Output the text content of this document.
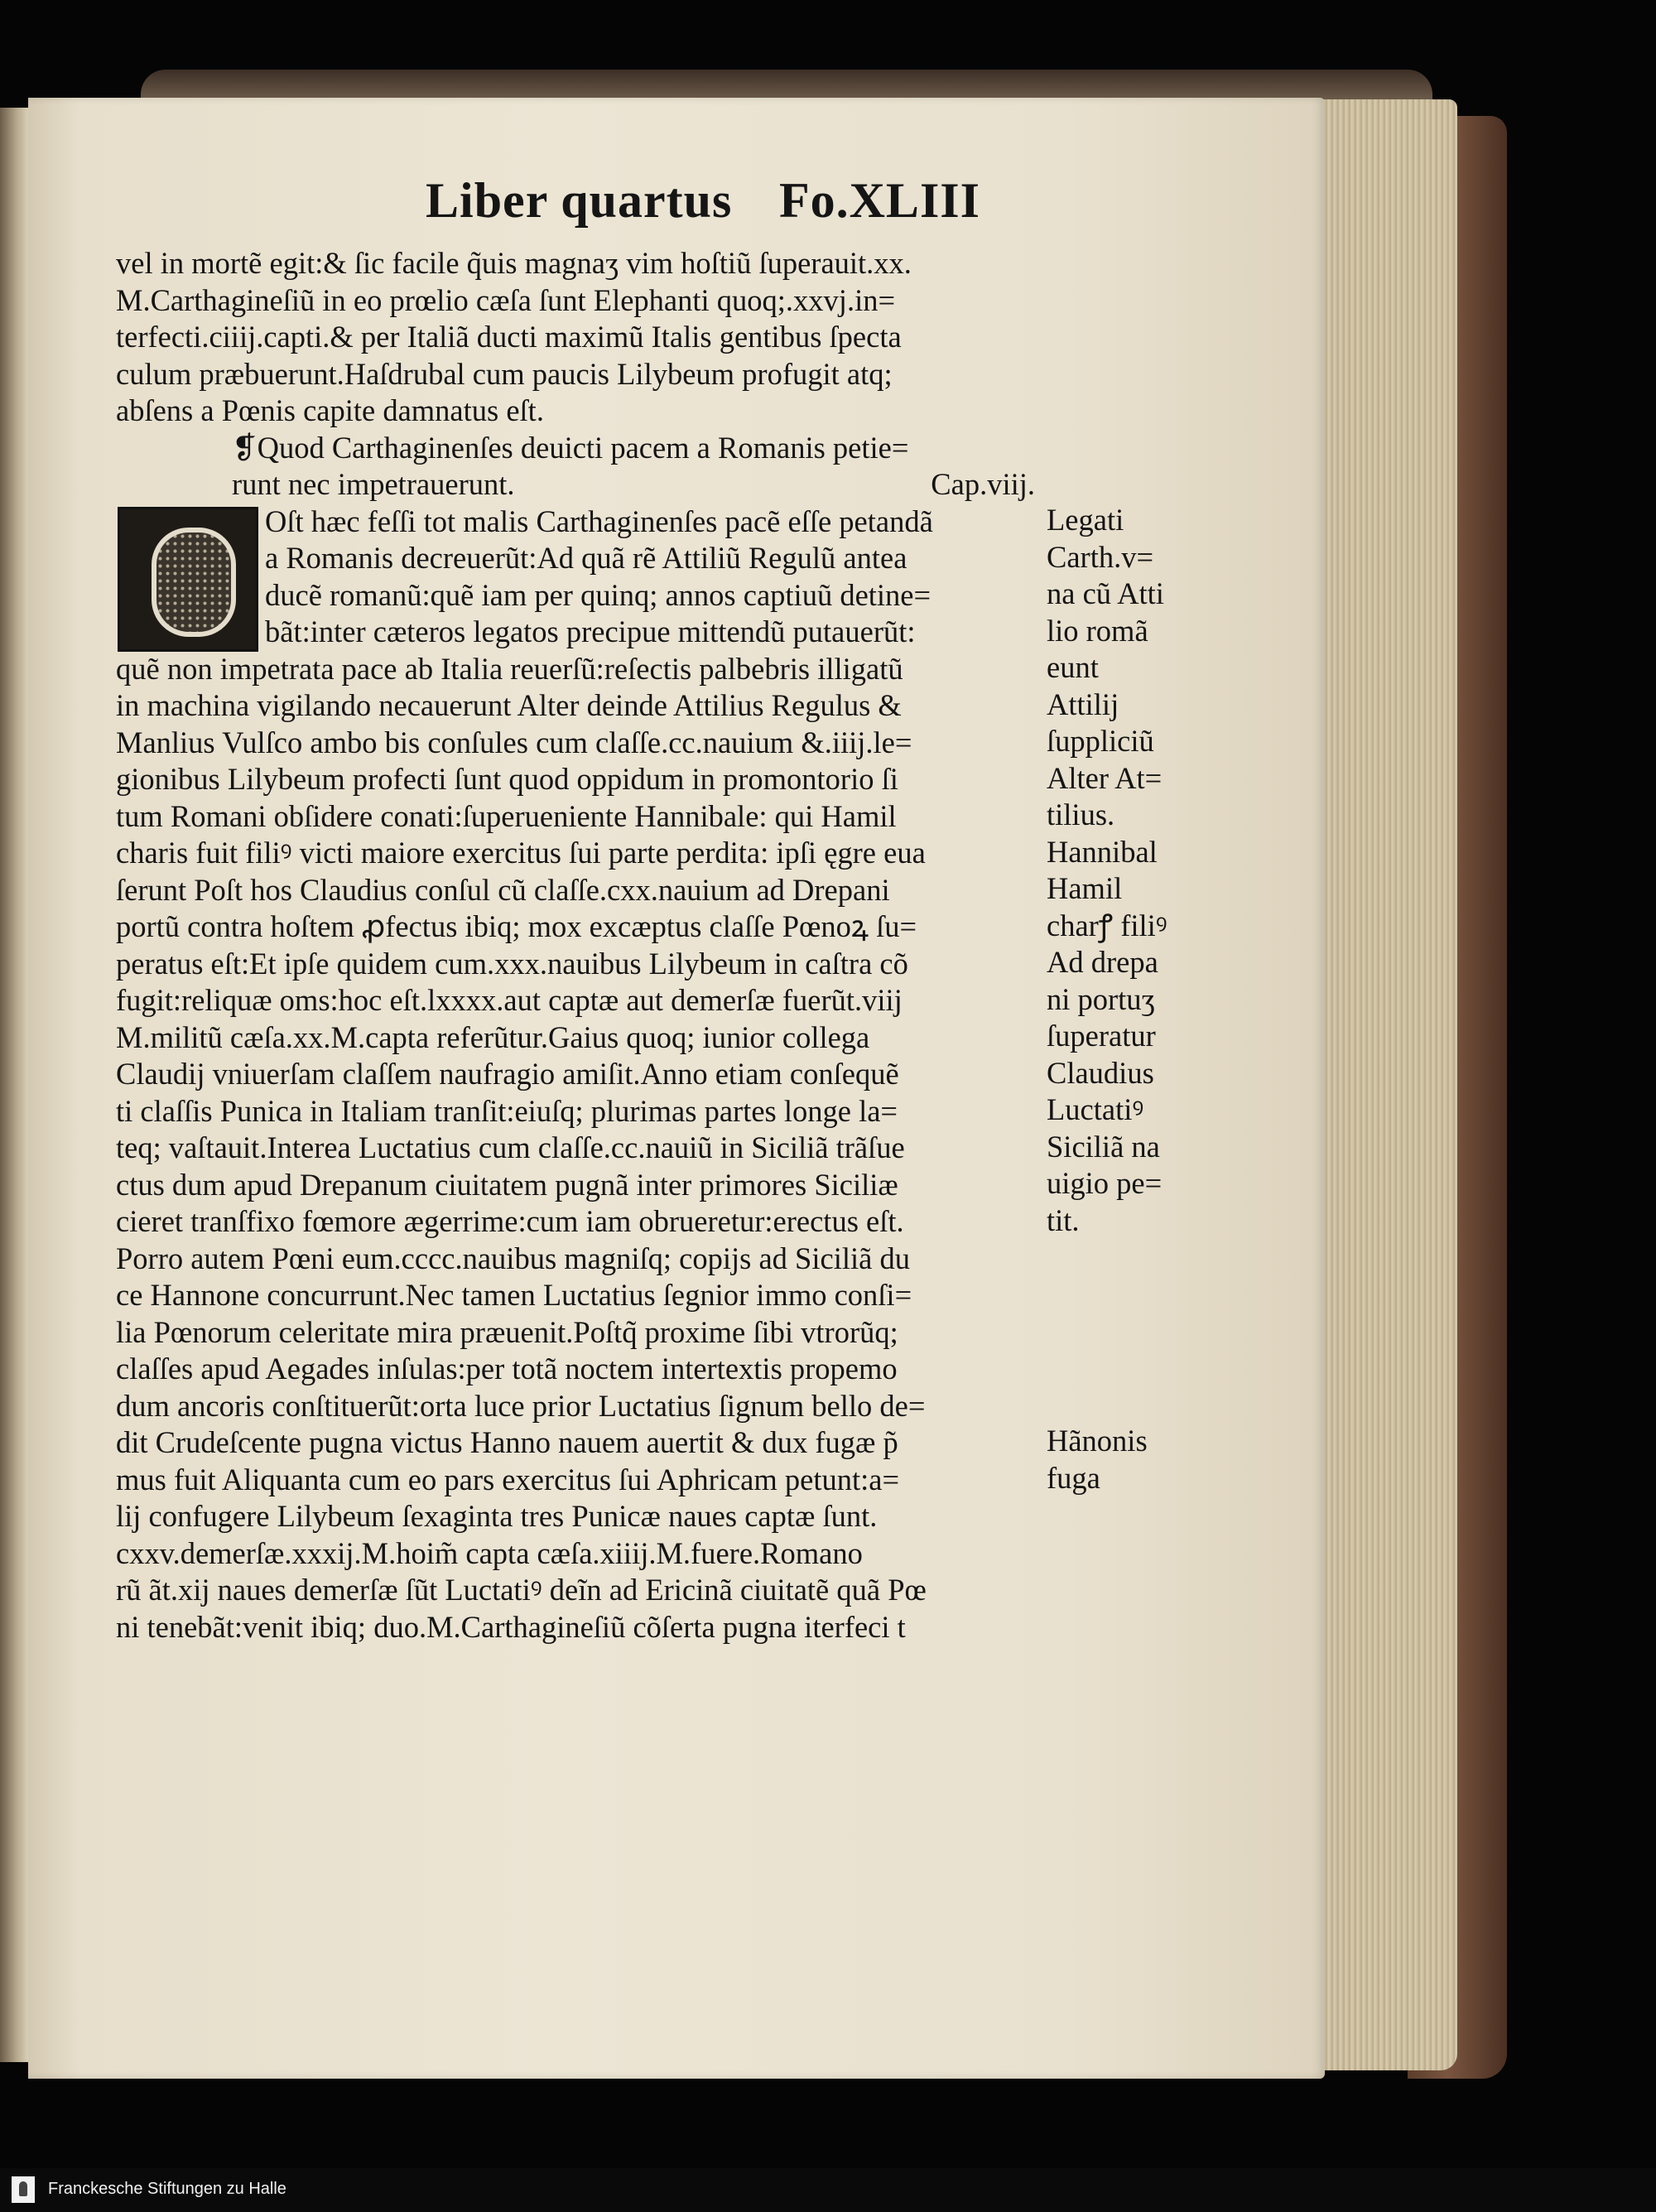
Liber quartus Fo.XLIII
vel in mortẽ egit:& ſic facile q̃uis magnaʒ vim hoſtiũ ſuperauit.xx.
M.Carthagineſiũ in eo prœlio cæſa ſunt Elephanti quoq;.xxvj.in=
terfecti.ciiij.capti.& per Italiã ducti maximũ Italis gentibus ſpecta
culum præbuerunt.Haſdrubal cum paucis Lilybeum profugit atq;
abſens a Pœnis capite damnatus eſt.
❡Quod Carthaginenſes deuicti pacem a Romanis petie=
Cap.viij.
runt nec impetrauerunt.
Oſt hæc feſſi tot malis Carthaginenſes pacẽ eſſe petandã
a Romanis decreuerũt:Ad quã rẽ Attiliũ Regulũ antea
ducẽ romanũ:quẽ iam per quinq; annos captiuũ detine=
bãt:inter cæteros legatos precipue mittendũ putauerũt:
quẽ non impetrata pace ab Italia reuerſũ:reſectis palbebris illigatũ
in machina vigilando necauerunt Alter deinde Attilius Regulus &
Manlius Vulſco ambo bis conſules cum claſſe.cc.nauium &.iiij.le=
gionibus Lilybeum profecti ſunt quod oppidum in promontorio ſi
tum Romani obſidere conati:ſuperueniente Hannibale: qui Hamil
charis fuit filiꝰ victi maiore exercitus ſui parte perdita: ipſi ęgre eua
ſerunt Poſt hos Claudius conſul cũ claſſe.cxx.nauium ad Drepani
portũ contra hoſtem ꝓfectus ibiq; mox excæptus claſſe Pœnoꝝ ſu=
peratus eſt:Et ipſe quidem cum.xxx.nauibus Lilybeum in caſtra cõ
fugit:reliquæ oms:hoc eſt.lxxxx.aut captæ aut demerſæ fuerũt.viij
M.militũ cæſa.xx.M.capta referũtur.Gaius quoq; iunior collega
Claudij vniuerſam claſſem naufragio amiſit.Anno etiam conſequẽ
ti claſſis Punica in Italiam tranſit:eiuſq; plurimas partes longe la=
teq; vaſtauit.Interea Luctatius cum claſſe.cc.nauiũ in Siciliã trãſue
ctus dum apud Drepanum ciuitatem pugnã inter primores Siciliæ
cieret tranſfixo fœmore ægerrime:cum iam obrueretur:erectus eſt.
Porro autem Pœni eum.cccc.nauibus magniſq; copijs ad Siciliã du
ce Hannone concurrunt.Nec tamen Luctatius ſegnior immo conſi=
lia Pœnorum celeritate mira præuenit.Poſtq̃ proxime ſibi vtrorũq;
claſſes apud Aegades inſulas:per totã noctem intertextis propemo
dum ancoris conſtituerũt:orta luce prior Luctatius ſignum bello de=
dit Crudeſcente pugna victus Hanno nauem auertit & dux fugæ p̃
mus fuit Aliquanta cum eo pars exercitus ſui Aphricam petunt:a=
lij confugere Lilybeum ſexaginta tres Punicæ naues captæ ſunt.
cxxv.demerſæ.xxxij.M.hoim̃ capta cæſa.xiiij.M.fuere.Romano
rũ ãt.xij naues demerſæ ſũt Luctatiꝰ deĩn ad Ericinã ciuitatẽ quã Pœ
ni tenebãt:venit ibiq; duo.M.Carthagineſiũ cõſerta pugna iterfeci t
Legati
Carth.v=
na cũ Atti
lio romã
eunt
Attilij
ſuppliciũ
Alter At=
tilius.
Hannibal
Hamil
charꝭ filiꝰ
Ad drepa
ni portuʒ
ſuperatur
Claudius
Luctatiꝰ
Siciliã na
uigio pe=
tit.
Hãnonis
fuga
Franckesche Stiftungen zu Halle
